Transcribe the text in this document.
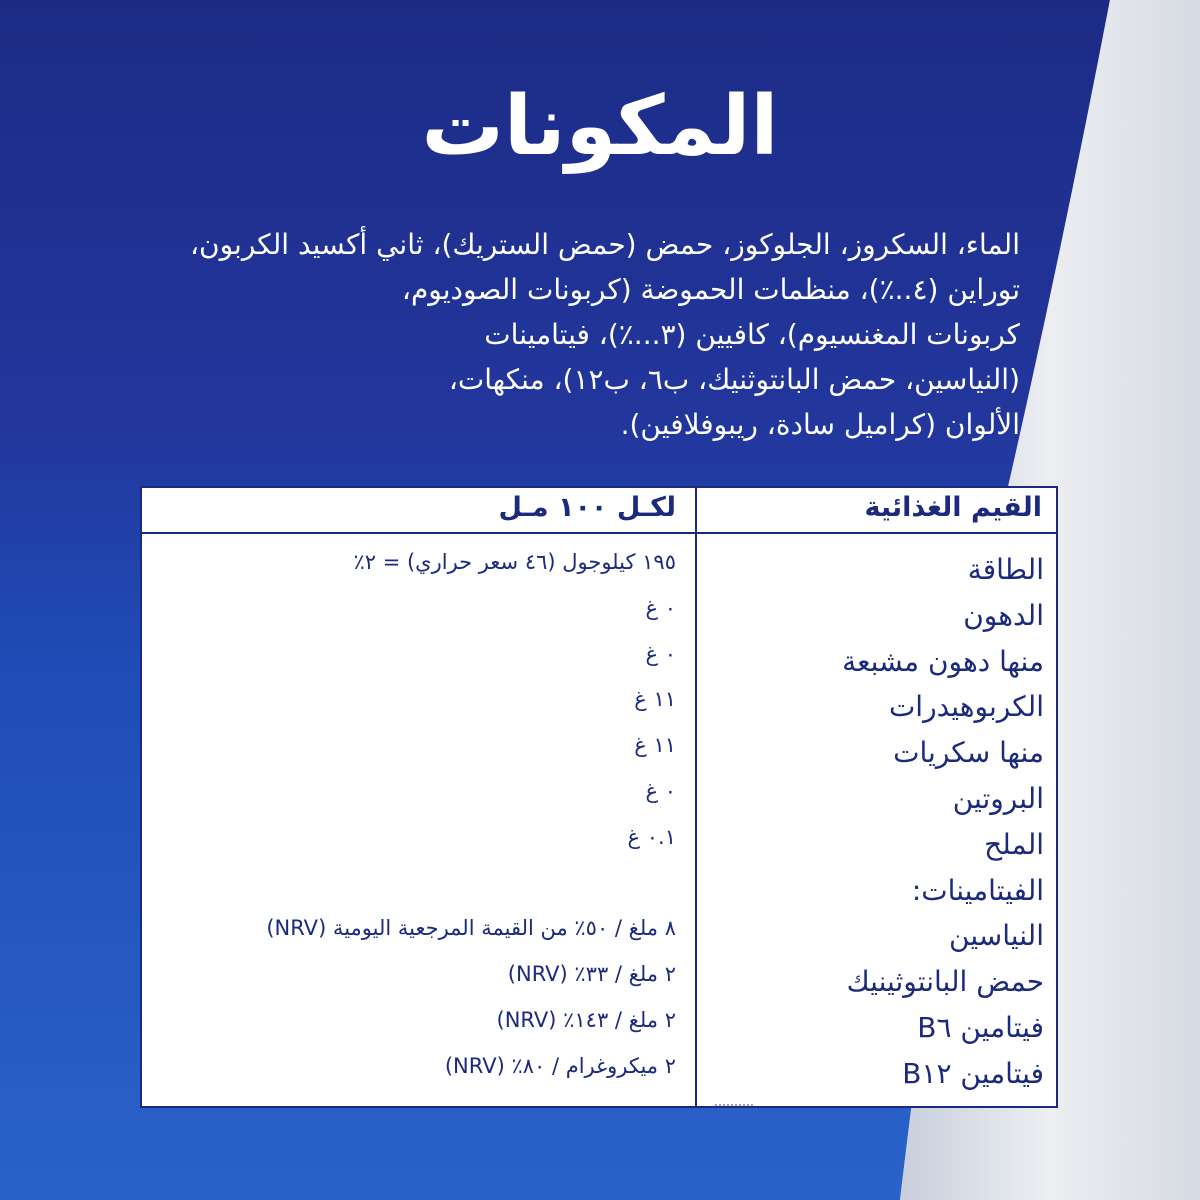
المكونات
الماء، السكروز، الجلوكوز، حمض (حمض الستريك)، ثاني أكسيد الكربون،
توراين (٤..٪)، منظمات الحموضة (كربونات الصوديوم،
كربونات المغنسيوم)، كافيين (٣...٪)، فيتامينات
(النياسين، حمض البانتوثنيك، ب٦، ب١٢)، منكهات،
الألوان (كراميل سادة، ريبوفلافين).
القيم الغذائية
لكـل ١٠٠ مـل
الطاقة
الدهون
منها دهون مشبعة
الكربوهيدرات
منها سكريات
البروتين
الملح
الفيتامينات:
النياسين
حمض البانتوثينيك
فيتامين B٦
فيتامين B١٢
١٩٥ كيلوجول (٤٦ سعر حراري) = ٢٪
٠ غ
٠ غ
١١ غ
١١ غ
٠ غ
٠.١ غ
٨ ملغ / ٥٠٪ من القيمة المرجعية اليومية (NRV)
٢ ملغ / ٣٣٪ (NRV)
٢ ملغ / ١٤٣٪ (NRV)
٢ ميكروغرام / ٨٠٪ (NRV)
